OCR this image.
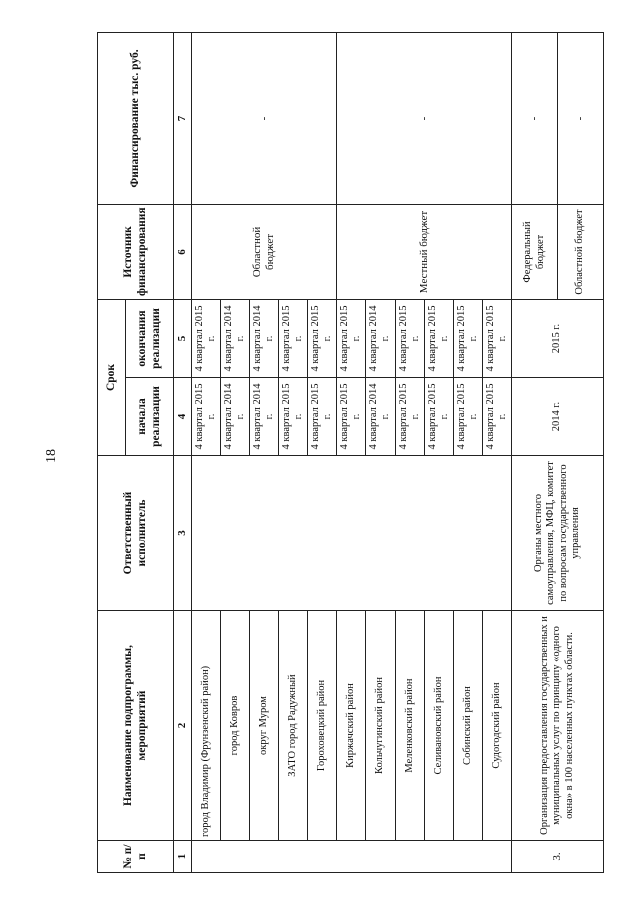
18
№ п/п	Наименование подпрограммы, мероприятий	Ответственный исполнитель	Срок		Источник финансирования	Финансирование тыс. руб.
			начала реализации	окончания реализации		
1	2	3	4	5	6	7
	город Владимир (Фрунзенский район)		4 квартал 2015 г.	4 квартал 2015 г.	Областной бюджет	-
	город Ковров		4 квартал 2014 г.	4 квартал 2014 г.		
	округ Муром		4 квартал 2014 г.	4 квартал 2014 г.		
	ЗАТО город Радужный		4 квартал 2015 г.	4 квартал 2015 г.		
	Гороховецкий район		4 квартал 2015 г.	4 квартал 2015 г.		
	Киржачский район		4 квартал 2015 г.	4 квартал 2015 г.	Местный бюджет	-
	Кольчугинский район		4 квартал 2014 г.	4 квартал 2014 г.		
	Меленковский район		4 квартал 2015 г.	4 квартал 2015 г.		
	Селивановский район		4 квартал 2015 г.	4 квартал 2015 г.		
	Собинский район		4 квартал 2015 г.	4 квартал 2015 г.		
	Судогодский район		4 квартал 2015 г.	4 квартал 2015 г.		
3.	Организация предоставления государственных и муниципальных услуг по принципу «одного окна» в 100 населенных пунктах области.	Органы местного самоуправления, МФЦ, комитет по вопросам государственного управления	2014 г.	2015 г.	Федеральный бюджет	-
					Областной бюджет	-
